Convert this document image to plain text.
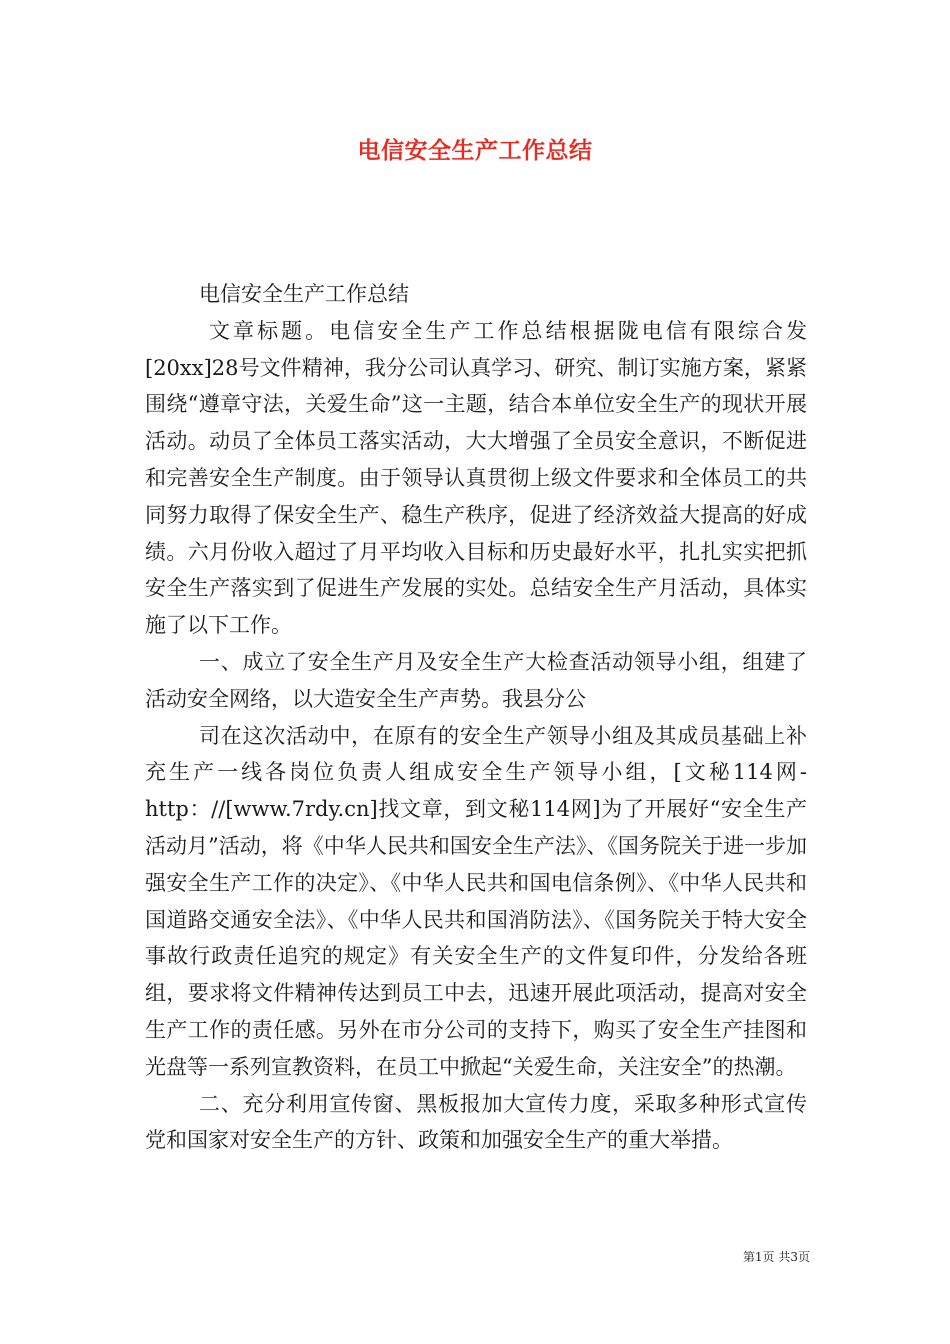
电信安全生产工作总结

电信安全生产工作总结

文章标题。电信安全生产工作总结根据陇电信有限综合发[20xx]28号文件精神，我分公司认真学习、研究、制订实施方案，紧紧围绕“遵章守法，关爱生命”这一主题，结合本单位安全生产的现状开展活动。动员了全体员工落实活动，大大增强了全员安全意识，不断促进和完善安全生产制度。由于领导认真贯彻上级文件要求和全体员工的共同努力取得了保安全生产、稳生产秩序，促进了经济效益大提高的好成绩。六月份收入超过了月平均收入目标和历史最好水平，扎扎实实把抓安全生产落实到了促进生产发展的实处。总结安全生产月活动，具体实施了以下工作。

一、成立了安全生产月及安全生产大检查活动领导小组，组建了活动安全网络，以大造安全生产声势。我县分公

司在这次活动中，在原有的安全生产领导小组及其成员基础上补充生产一线各岗位负责人组成安全生产领导小组，[文秘114网-http：//[www.7rdy.cn]找文章，到文秘114网]为了开展好“安全生产活动月”活动，将《中华人民共和国安全生产法》、《国务院关于进一步加强安全生产工作的决定》、《中华人民共和国电信条例》、《中华人民共和国道路交通安全法》、《中华人民共和国消防法》、《国务院关于特大安全事故行政责任追究的规定》有关安全生产的文件复印件，分发给各班组，要求将文件精神传达到员工中去，迅速开展此项活动，提高对安全生产工作的责任感。另外在市分公司的支持下，购买了安全生产挂图和光盘等一系列宣教资料，在员工中掀起“关爱生命，关注安全”的热潮。

二、充分利用宣传窗、黑板报加大宣传力度，采取多种形式宣传党和国家对安全生产的方针、政策和加强安全生产的重大举措。

第1页 共3页
